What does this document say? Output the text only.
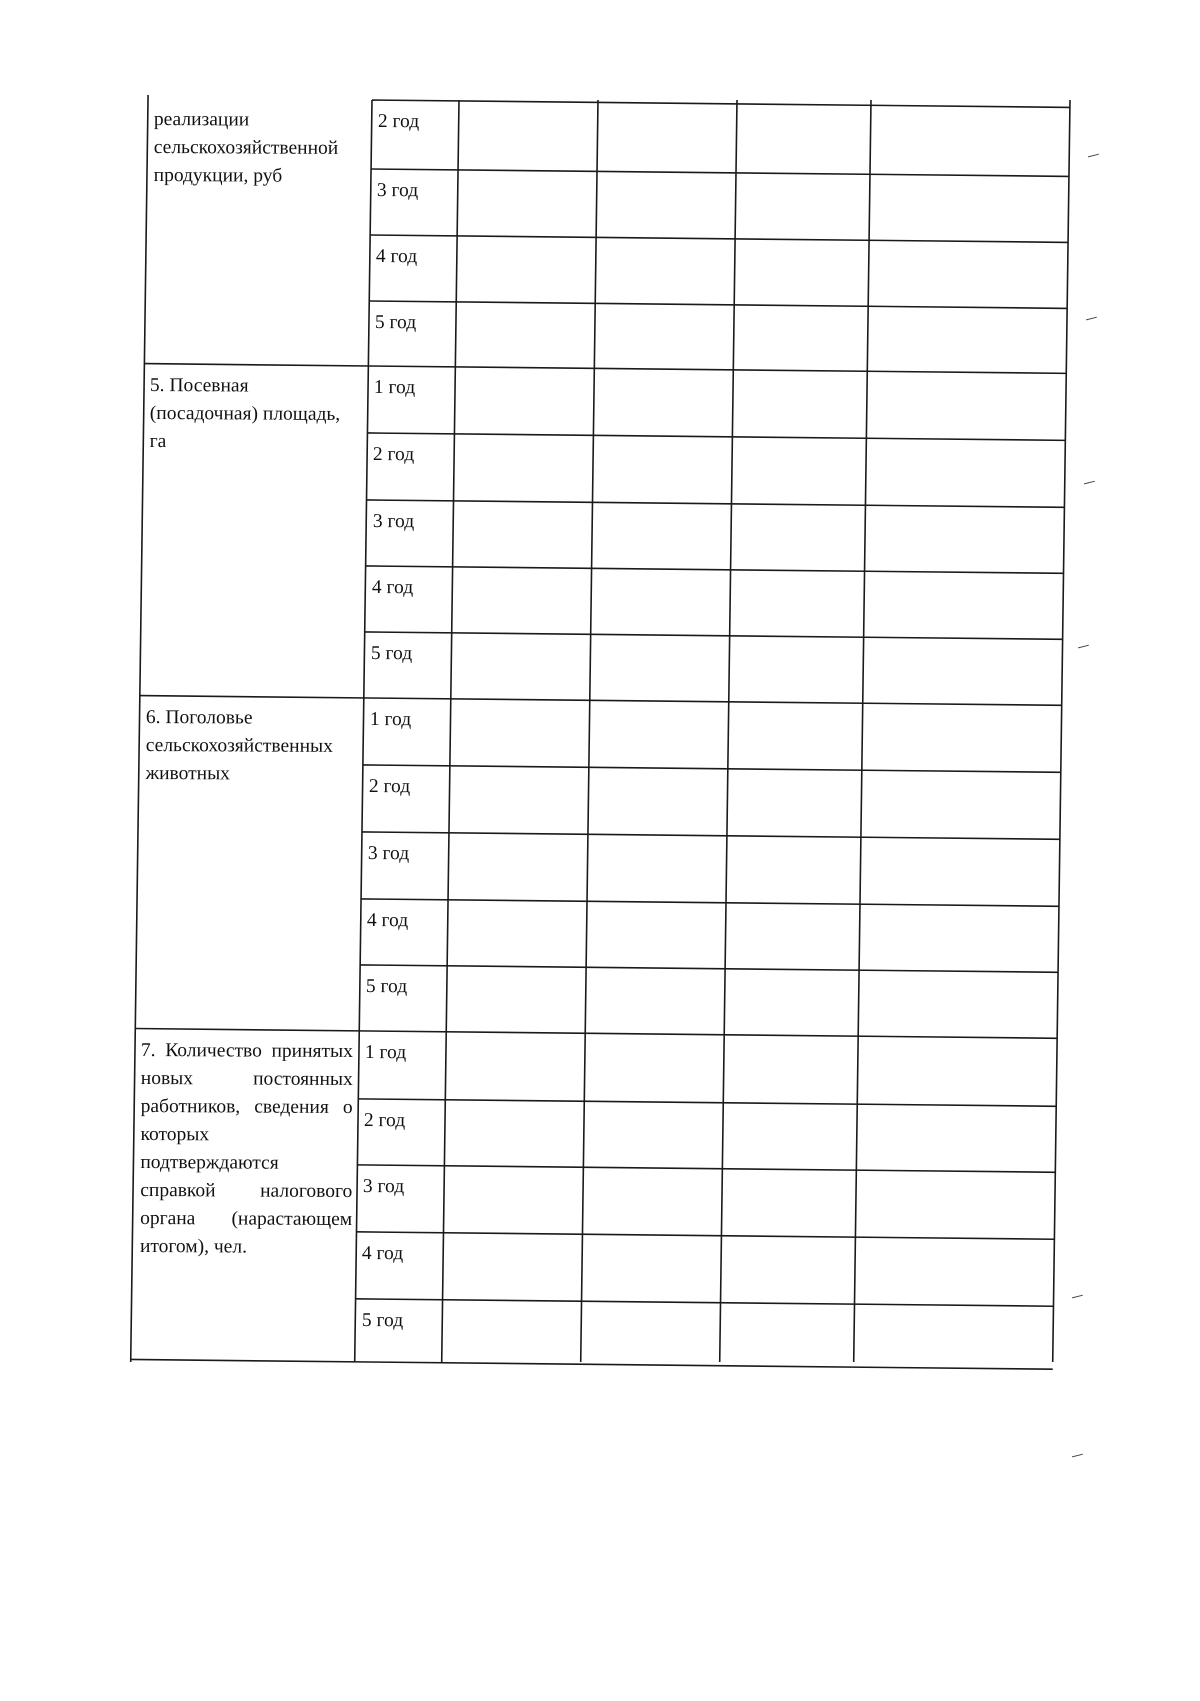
реализации
сельскохозяйственной
продукции, руб
2 год
3 год
4 год
5 год
5. Посевная
(посадочная) площадь,
га
1 год
2 год
3 год
4 год
5 год
6. Поголовье
сельскохозяйственных
животных
1 год
2 год
3 год
4 год
5 год
7. Количество принятых
новых постоянных
работников, сведения о
которых
подтверждаются
справкой налогового
органа (нарастающем
итогом), чел.
1 год
2 год
3 год
4 год
5 год
